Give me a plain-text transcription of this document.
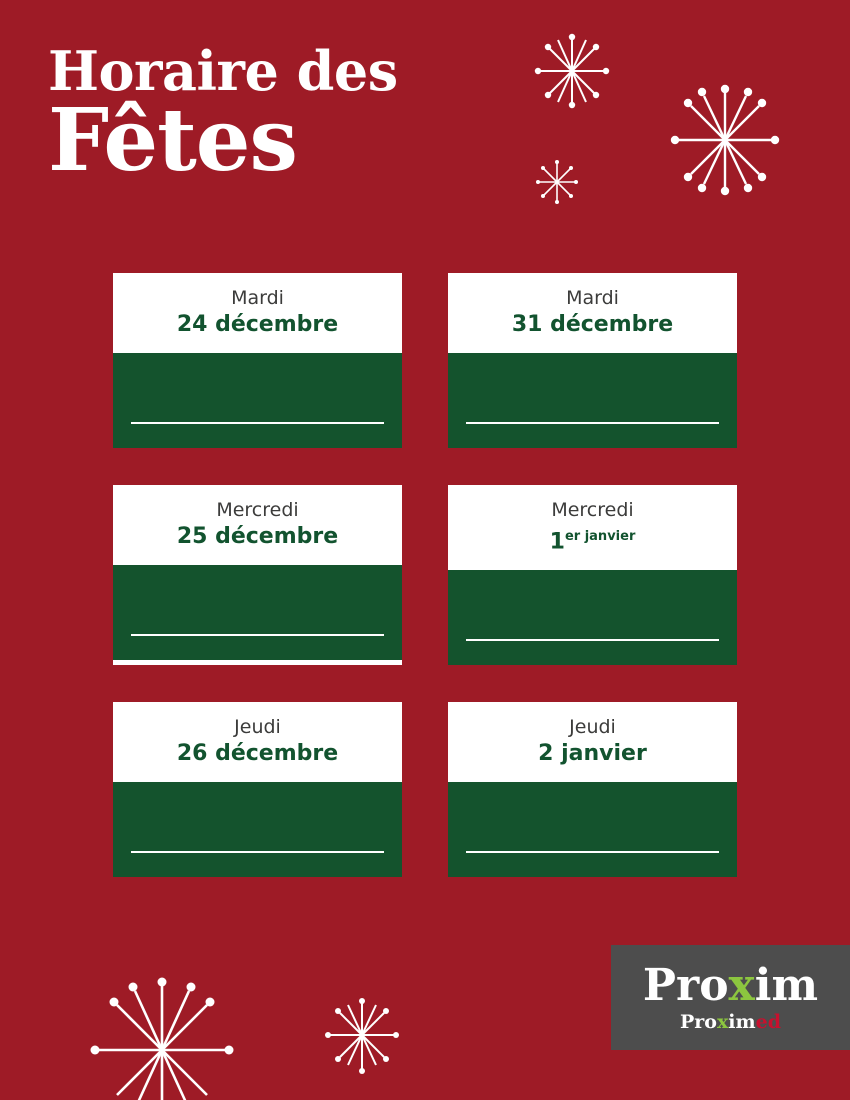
Horaire des
Fêtes
Mardi
24 décembre
Mardi
31 décembre
Mercredi
25 décembre
Mercredi
$1^{er janvier}$
Jeudi
26 décembre
Jeudi
2 janvier
Proxim
Proximed
